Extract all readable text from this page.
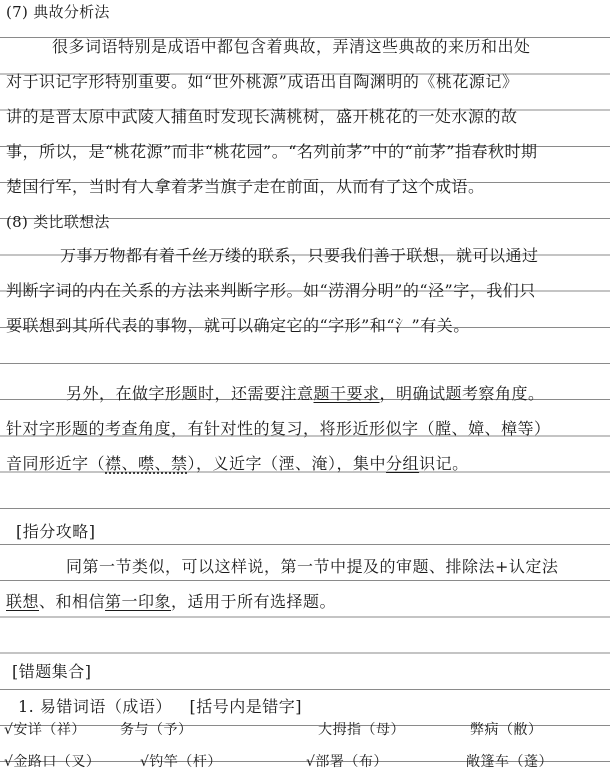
(7) 典故分析法
很多词语特别是成语中都包含着典故，弄清这些典故的来历和出处
对于识记字形特别重要。如“世外桃源”成语出自陶渊明的《桃花源记》
讲的是晋太原中武陵人捕鱼时发现长满桃树，盛开桃花的一处水源的故
事，所以，是“桃花源”而非“桃花园”。“名列前茅”中的“前茅”指春秋时期
楚国行军，当时有人拿着茅当旗子走在前面，从而有了这个成语。
(8) 类比联想法
万事万物都有着千丝万缕的联系，只要我们善于联想，就可以通过
判断字词的内在关系的方法来判断字形。如“涝渭分明”的“泾”字，我们只
要联想到其所代表的事物，就可以确定它的“字形”和“氵”有关。
另外，在做字形题时，还需要注意题干要求，明确试题考察角度。
针对字形题的考查角度，有针对性的复习，将形近形似字（膛、嫜、樟等）
音同形近字（襟、噤、禁），义近字（湮、淹），集中分组识记。
[指分攻略]
同第一节类似，可以这样说，第一节中提及的审题、排除法+认定法
联想、和相信第一印象，适用于所有选择题。
[错题集合]
1. 易错词语（成语） [括号内是错字]
√安详（祥） 务与（予）	大拇指（母）	弊病（敝）
√金路口（叉）	√钓竿（杆）	√部署（布）	敞篷车（蓬）
